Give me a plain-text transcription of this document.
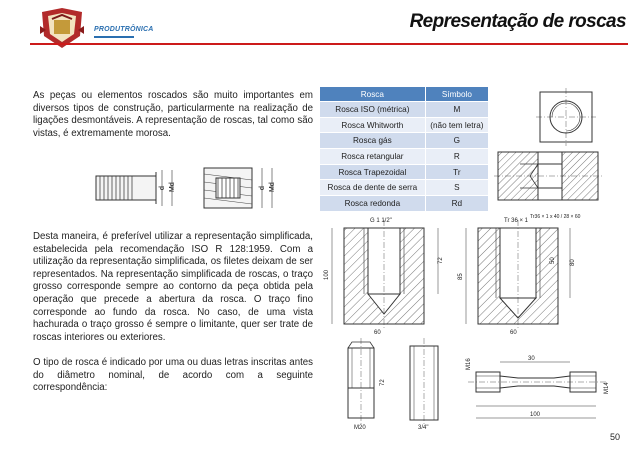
PRODUTRÔNICA	Representação de roscas

As peças ou elementos roscados são muito importantes em diversos tipos de construção, particularmente na realização de ligações desmontáveis. A representação de roscas, tal como são vistas, é extremamente morosa.

d Md	d Md

Desta maneira, é preferível utilizar a representação simplificada, estabelecida pela recomendação ISO R 128:1959. Com a utilização da representação simplificada, os filetes deixam de ser representados. Na representação simplificada de roscas, o traço grosso corresponde sempre ao contorno da peça obtida pela operação que precede a abertura da rosca. O traço fino corresponde ao fundo da rosca. No caso, de uma vista hachurada o traço grosso é sempre o limitante, quer ser trate de roscas interiores ou exteriores.

O tipo de rosca é indicado por uma ou duas letras inscritas antes do diâmetro nominal, de acordo com a seguinte correspondência:

Rosca	Símbolo
Rosca ISO (métrica)	M
Rosca Whitworth	(não tem letra)
Rosca gás	G
Rosca retangular	R
Rosca Trapezoidal	Tr
Rosca de dente de serra	S
Rosca redonda	Rd
G 1 1/2"	Tr 36 × 1
Tr36 × 1 x 40 / 28 × 60
100
72
85
80
50
60	60
M20	3/4"
M16
M14
72
30
100
50
